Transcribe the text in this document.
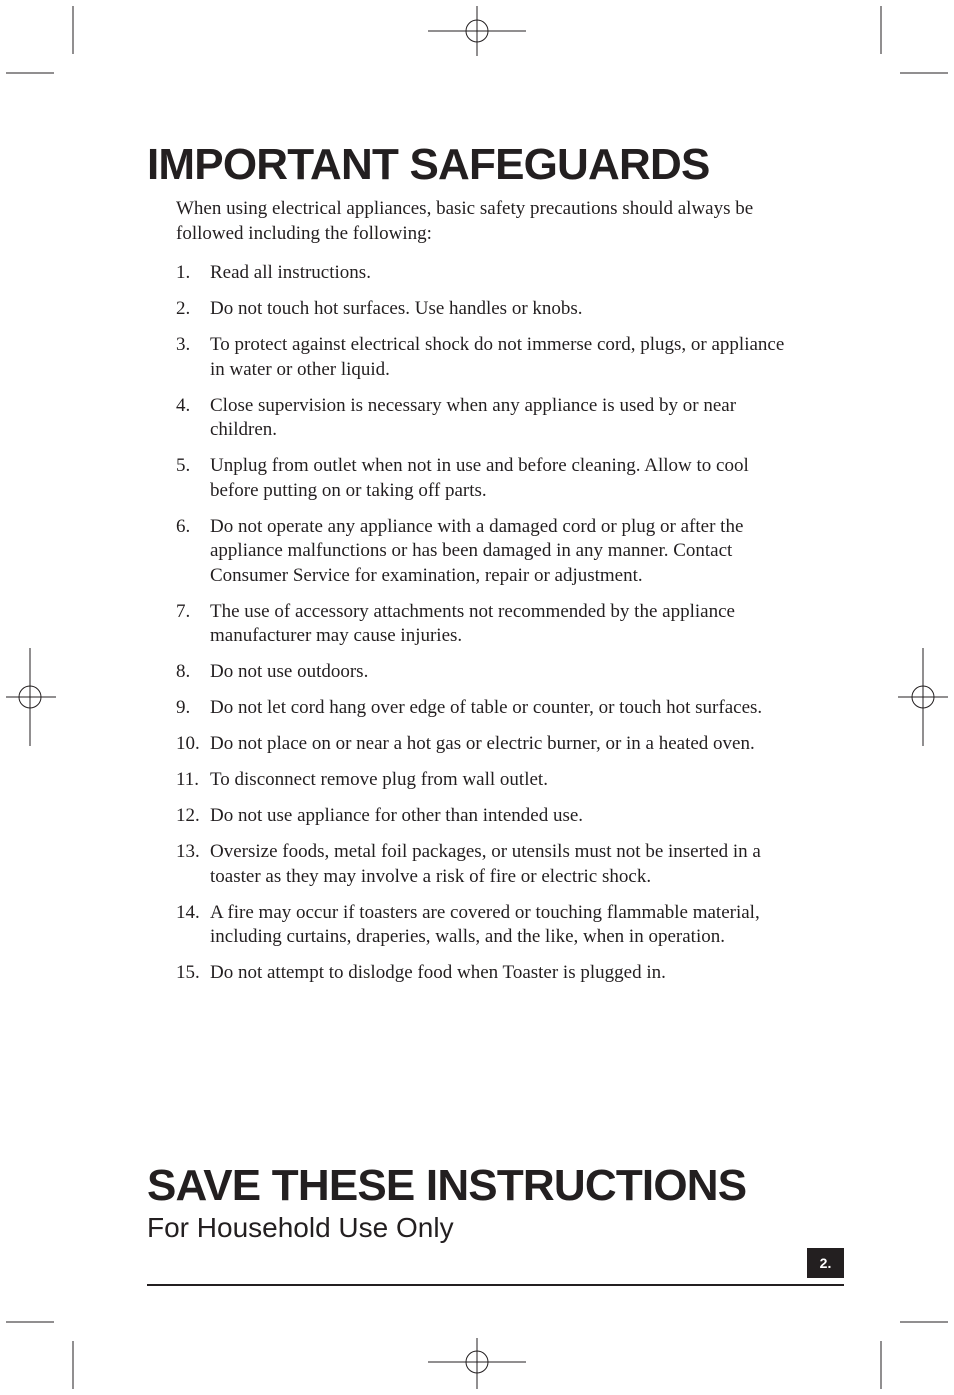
IMPORTANT SAFEGUARDS

When using electrical appliances, basic safety precautions should always be followed including the following:

1. Read all instructions.
2. Do not touch hot surfaces. Use handles or knobs.
3. To protect against electrical shock do not immerse cord, plugs, or appliance in water or other liquid.
4. Close supervision is necessary when any appliance is used by or near children.
5. Unplug from outlet when not in use and before cleaning. Allow to cool before putting on or taking off parts.
6. Do not operate any appliance with a damaged cord or plug or after the appliance malfunctions or has been damaged in any manner. Contact Consumer Service for examination, repair or adjustment.
7. The use of accessory attachments not recommended by the appliance manufacturer may cause injuries.
8. Do not use outdoors.
9. Do not let cord hang over edge of table or counter, or touch hot surfaces.
10. Do not place on or near a hot gas or electric burner, or in a heated oven.
11. To disconnect remove plug from wall outlet.
12. Do not use appliance for other than intended use.
13. Oversize foods, metal foil packages, or utensils must not be inserted in a toaster as they may involve a risk of fire or electric shock.
14. A fire may occur if toasters are covered or touching flammable material, including curtains, draperies, walls, and the like, when in operation.
15. Do not attempt to dislodge food when Toaster is plugged in.
SAVE THESE INSTRUCTIONS
For Household Use Only
2.
